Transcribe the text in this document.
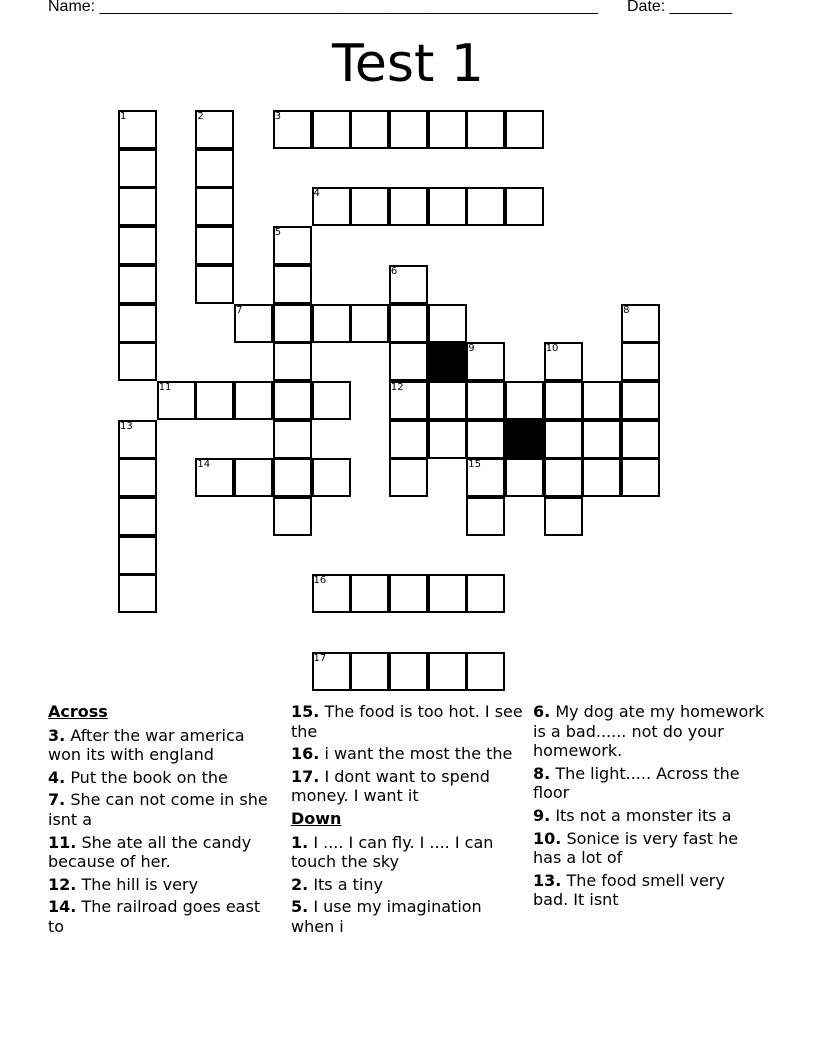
Name: ________________________________________________________ Date: _______
Test 1
1	2	3
4
5
6
7	8
9	10
11	12
13
14	15
16
17
Across
3. After the war america won its with england
4. Put the book on the
7. She can not come in she isnt a
11. She ate all the candy because of her.
12. The hill is very
14. The railroad goes east to
15. The food is too hot. I see the
16. i want the most the the
17. I dont want to spend money. I want it
Down
1. I .... I can fly. I .... I can touch the sky
2. Its a tiny
5. I use my imagination when i
6. My dog ate my homework is a bad...... not do your homework.
8. The light..... Across the floor
9. Its not a monster its a
10. Sonice is very fast he has a lot of
13. The food smell very bad. It isnt
